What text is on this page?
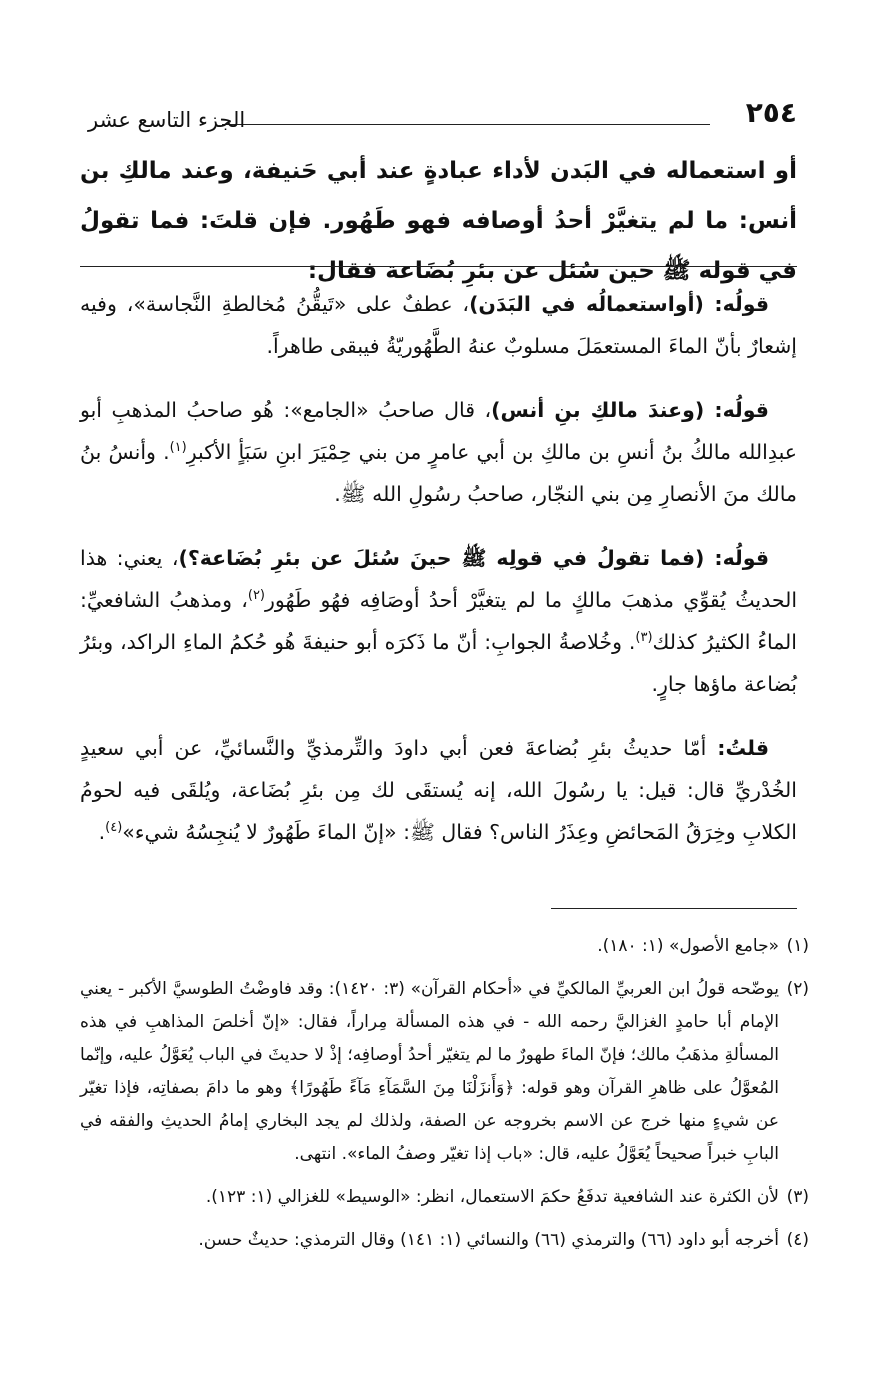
٢٥٤
الجزء التاسع عشر
أو استعماله في البَدن لأداء عبادةٍ عند أبي حَنيفة، وعند مالكِ بن أنس: ما لم يتغيَّرْ أحدُ أوصافه فهو طَهُور. فإن قلتَ: فما تقولُ في قوله ﷺ حين سُئل عن بئرِ بُضَاعة فقال:

قولُه: (أواستعمالُه في البَدَن)، عطفٌ على «تَيقُّنُ مُخالطةِ النَّجاسة»، وفيه إشعارٌ بأنّ الماءَ المستعمَلَ مسلوبٌ عنهُ الطَّهُوريّةُ فيبقى طاهراً.

قولُه: (وعندَ مالكِ بنِ أنس)، قال صاحبُ «الجامع»: هُو صاحبُ المذهبِ أبو عبدِالله مالكُ بنُ أنسِ بن مالكِ بن أبي عامرٍ من بني حِمْيَرَ ابنِ سَبَأٍ الأكبرِ$^{(١)}$. وأنسُ بنُ مالك منَ الأنصارِ مِن بني النجّار، صاحبُ رسُولِ الله ﷺ.

قولُه: (فما تقولُ في قولِه ﷺ حينَ سُئلَ عن بئرِ بُضَاعة؟)، يعني: هذا الحديثُ يُقوِّي مذهبَ مالكٍ ما لم يتغيَّرْ أحدُ أوصَافِه فهُو طَهُور$^{(٢)}$، ومذهبُ الشافعيِّ: الماءُ الكثيرُ كذلك$^{(٣)}$. وخُلاصةُ الجوابِ: أنّ ما ذَكرَه أبو حنيفةَ هُو حُكمُ الماءِ الراكد، وبئرُ بُضاعة ماؤها جارٍ.

قلتُ: أمّا حديثُ بئرِ بُضاعةَ فعن أبي داودَ والتِّرمذيِّ والنَّسائيِّ، عن أبي سعيدٍ الخُدْريِّ قال: قيل: يا رسُولَ الله، إنه يُستقَى لك مِن بئرِ بُضَاعة، ويُلقَى فيه لحومُ الكلابِ وخِرَقُ المَحائضِ وعِذَرُ الناس؟ فقال ﷺ: «إنّ الماءَ طَهُورٌ لا يُنجِسُهُ شيء»$^{(٤)}$.

(١)
«جامع الأصول» (١: ١٨٠).
(٢)
يوضّحه قولُ ابن العربيِّ المالكيِّ في «أحكام القرآن» (٣: ١٤٢٠): وقد فاوضْتُ الطوسيَّ الأكبر - يعني الإمام أبا حامدٍ الغزاليَّ رحمه الله - في هذه المسألة مِراراً، فقال: «إنّ أخلصَ المذاهبِ في هذه المسألةِ مذهَبُ مالك؛ فإنّ الماءَ طهورٌ ما لم يتغيّر أحدُ أوصافِه؛ إذْ لا حديثَ في الباب يُعَوَّلُ عليه، وإنّما المُعوَّلُ على ظاهرِ القرآن وهو قوله: ﴿وَأَنزَلْنَا مِنَ السَّمَآءِ مَآءً طَهُورًا﴾ وهو ما دامَ بصفاتِه، فإذا تغيّر عن شيءٍ منها خرج عن الاسم بخروجه عن الصفة، ولذلك لم يجد البخاري إمامُ الحديثِ والفقه في البابِ خبراً صحيحاً يُعَوَّلُ عليه، قال: «باب إذا تغيّر وصفُ الماء». انتهى.
(٣)
لأن الكثرة عند الشافعية تدفَعُ حكمَ الاستعمال، انظر: «الوسيط» للغزالي (١: ١٢٣).
(٤)
أخرجه أبو داود (٦٦) والترمذي (٦٦) والنسائي (١: ١٤١) وقال الترمذي: حديثٌ حسن.
